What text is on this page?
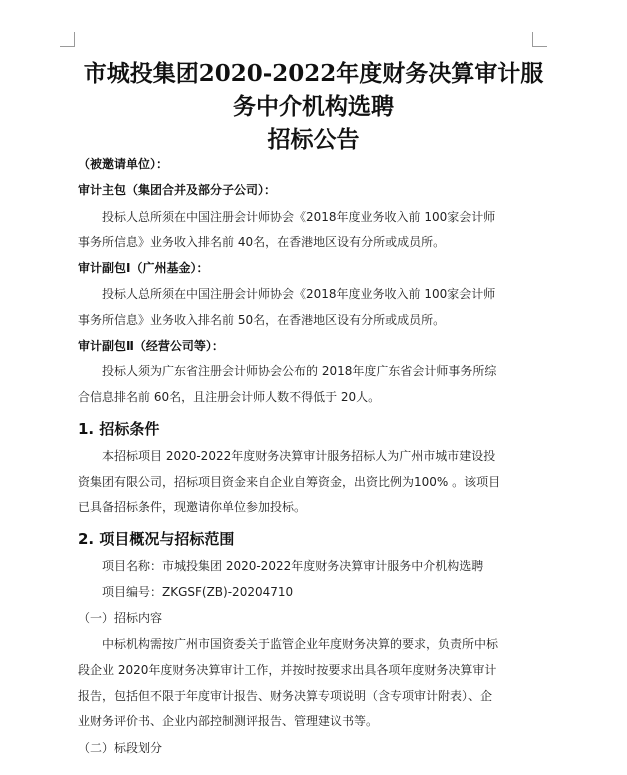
市城投集团2020-2022年度财务决算审计服
务中介机构选聘
招标公告
（被邀请单位）：
审计主包（集团合并及部分子公司）：
投标人总所须在中国注册会计师协会《2018年度业务收入前 100家会计师
事务所信息》业务收入排名前 40名，在香港地区设有分所或成员所。
审计副包Ⅰ（广州基金）：
投标人总所须在中国注册会计师协会《2018年度业务收入前 100家会计师
事务所信息》业务收入排名前 50名，在香港地区设有分所或成员所。
审计副包Ⅱ（经营公司等）：
投标人须为广东省注册会计师协会公布的 2018年度广东省会计师事务所综
合信息排名前 60名，且注册会计师人数不得低于 20人。
1. 招标条件
本招标项目 2020-2022年度财务决算审计服务招标人为广州市城市建设投
资集团有限公司，招标项目资金来自企业自筹资金，出资比例为100% 。该项目
已具备招标条件，现邀请你单位参加投标。
2. 项目概况与招标范围
项目名称：市城投集团 2020-2022年度财务决算审计服务中介机构选聘
项目编号：ZKGSF(ZB)-20204710
（一）招标内容
中标机构需按广州市国资委关于监管企业年度财务决算的要求，负责所中标
段企业 2020年度财务决算审计工作，并按时按要求出具各项年度财务决算审计
报告，包括但不限于年度审计报告、财务决算专项说明（含专项审计附表）、企
业财务评价书、企业内部控制测评报告、管理建议书等。
（二）标段划分
